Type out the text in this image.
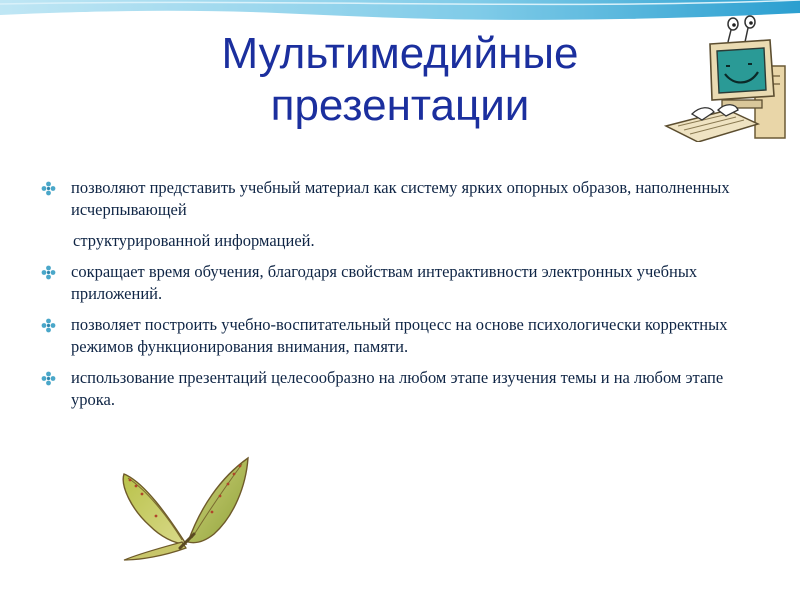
Мультимедийные
презентации
позволяют представить учебный материал как систему ярких опорных образов, наполненных исчерпывающей
структурированной информацией.
сокращает время обучения, благодаря свойствам интерактивности электронных учебных приложений.
позволяет построить учебно-воспитательный процесс на основе психологически корректных режимов функционирования внимания, памяти.
использование презентаций целесообразно на любом этапе изучения темы и на любом этапе урока.
